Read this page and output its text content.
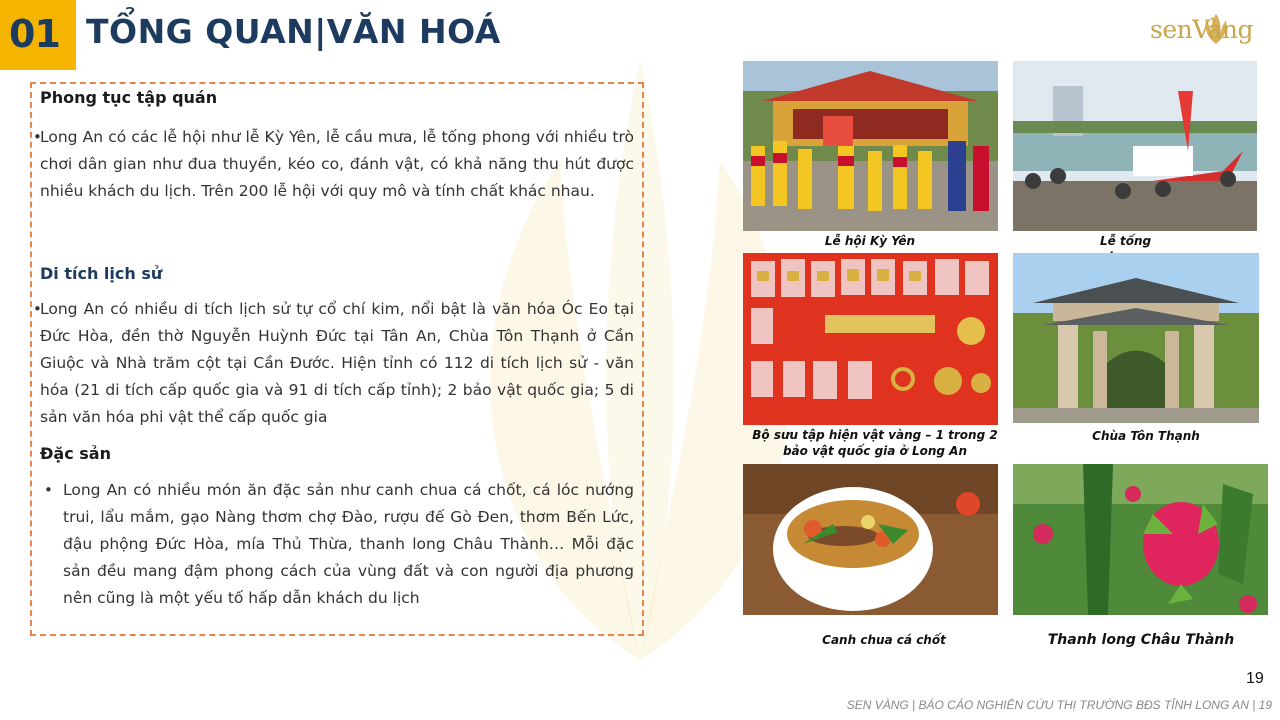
01 TỔNG QUAN|VĂN HOÁ	senVàng
Phong tục tập quán
•
Long An có các lễ hội như lễ Kỳ Yên, lễ cầu mưa, lễ tống phong với nhiều trò chơi dân gian như đua thuyền, kéo co, đánh vật, có khả năng thu hút được nhiều khách du lịch. Trên 200 lễ hội với quy mô và tính chất khác nhau.
Di tích lịch sử
•
Long An có nhiều di tích lịch sử tự cổ chí kim, nổi bật là văn hóa Óc Eo tại Đức Hòa, đền thờ Nguyễn Huỳnh Đức tại Tân An, Chùa Tôn Thạnh ở Cần Giuộc và Nhà trăm cột tại Cần Đước. Hiện tỉnh có 112 di tích lịch sử - văn hóa (21 di tích cấp quốc gia và 91 di tích cấp tỉnh); 2 bảo vật quốc gia; 5 di sản văn hóa phi vật thể cấp quốc gia
Đặc sản
• Long An có nhiều món ăn đặc sản như canh chua cá chốt, cá lóc nướng trui, lẩu mắm, gạo Nàng thơm chợ Đào, rượu đế Gò Đen, thơm Bến Lức, đậu phộng Đức Hòa, mía Thủ Thừa, thanh long Châu Thành… Mỗi đặc sản đều mang đậm phong cách của vùng đất và con người địa phương nên cũng là một yếu tố hấp dẫn khách du lịch
Lễ hội Kỳ Yên	Lễ tống
Bộ sưu tập hiện vật vàng – 1 trong 2 bảo vật quốc gia ở Long An
Chùa Tôn Thạnh
Canh chua cá chốt	Thanh long Châu Thành
19
SEN VÀNG | BÁO CÁO NGHIÊN CỨU THỊ TRƯỜNG BĐS TỈNH LONG AN | 19
